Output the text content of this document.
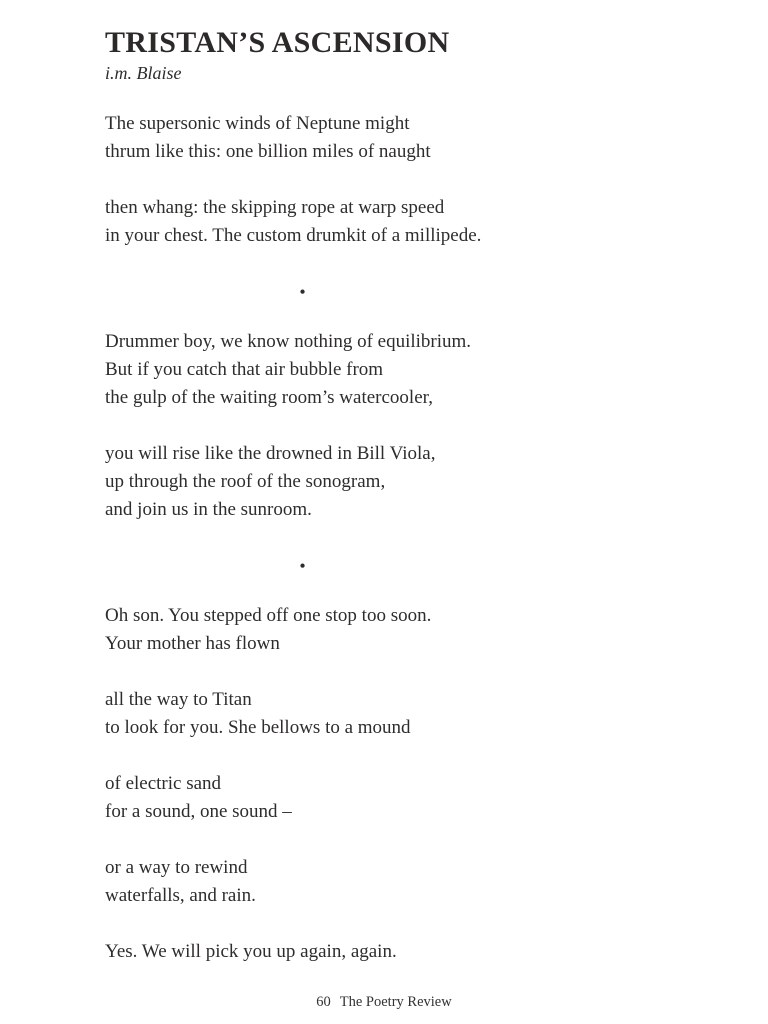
TRISTAN’S ASCENSION

i.m. Blaise

The supersonic winds of Neptune might
thrum like this: one billion miles of naught
then whang: the skipping rope at warp speed
in your chest. The custom drumkit of a millipede.
•
Drummer boy, we know nothing of equilibrium.
But if you catch that air bubble from
the gulp of the waiting room’s watercooler,
you will rise like the drowned in Bill Viola,
up through the roof of the sonogram,
and join us in the sunroom.
•
Oh son. You stepped off one stop too soon.
Your mother has flown
all the way to Titan
to look for you. She bellows to a mound
of electric sand
for a sound, one sound –
or a way to rewind
waterfalls, and rain.
Yes. We will pick you up again, again.
60 The Poetry Review
